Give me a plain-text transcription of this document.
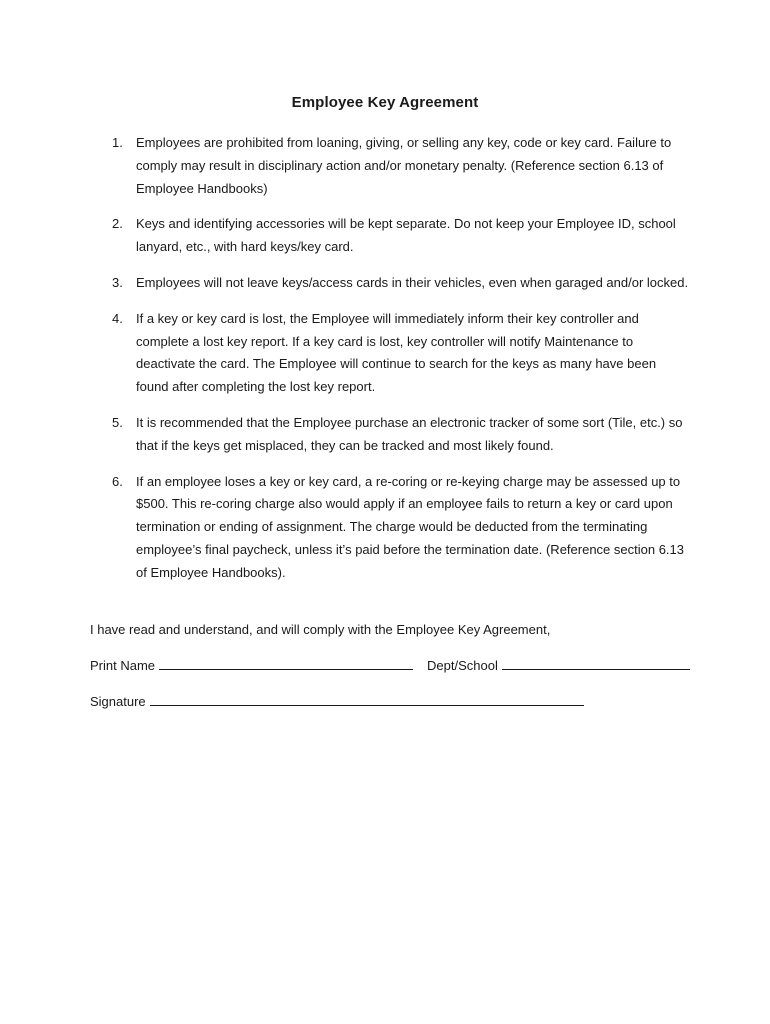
Employee Key Agreement
1. Employees are prohibited from loaning, giving, or selling any key, code or key card. Failure to comply may result in disciplinary action and/or monetary penalty. (Reference section 6.13 of Employee Handbooks)
2. Keys and identifying accessories will be kept separate. Do not keep your Employee ID, school lanyard, etc., with hard keys/key card.
3. Employees will not leave keys/access cards in their vehicles, even when garaged and/or locked.
4. If a key or key card is lost, the Employee will immediately inform their key controller and complete a lost key report. If a key card is lost, key controller will notify Maintenance to deactivate the card. The Employee will continue to search for the keys as many have been found after completing the lost key report.
5. It is recommended that the Employee purchase an electronic tracker of some sort (Tile, etc.) so that if the keys get misplaced, they can be tracked and most likely found.
6. If an employee loses a key or key card, a re-coring or re-keying charge may be assessed up to $500. This re-coring charge also would apply if an employee fails to return a key or card upon termination or ending of assignment. The charge would be deducted from the terminating employee’s final paycheck, unless it’s paid before the termination date. (Reference section 6.13 of Employee Handbooks).
I have read and understand, and will comply with the Employee Key Agreement,
Print Name	Dept/School
Signature
